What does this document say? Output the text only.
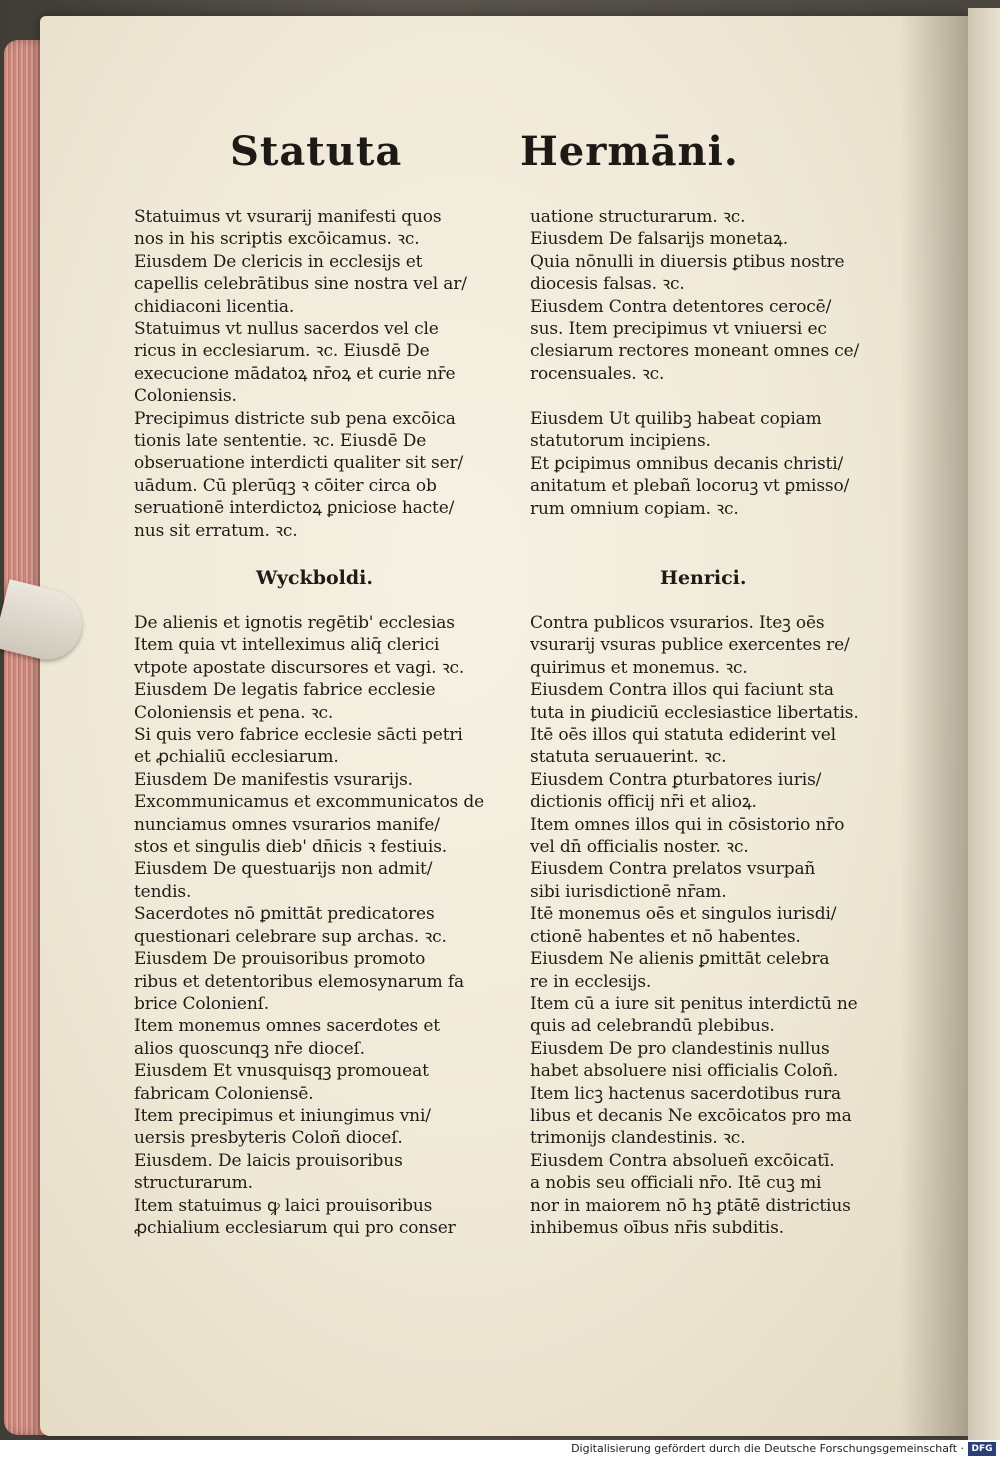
Statuta	Hermāni.
Statuimus vt vsurarij manifesti quos
nos in his scriptis excōicamus. ꝛc.
Eiusdem De clericis in ecclesijs et
capellis celebrātibus sine nostra vel ar/
chidiaconi licentia.
Statuimus vt nullus sacerdos vel cle
ricus in ecclesiarum. ꝛc. Eiusdē De
execucione mādatoꝝ nr̄oꝝ et curie nr̄e
Coloniensis.
Precipimus districte sub pena excōica
tionis late sententie. ꝛc. Eiusdē De
obseruatione interdicti qualiter sit ser/
uādum. Cū plerūqꝫ ꝛ cōiter circa ob
seruationē interdictoꝝ ꝑniciose hacte/
nus sit erratum. ꝛc.
Wyckboldi.
De alienis et ignotis regētib' ecclesias
Item quia vt intelleximus aliq̄ clerici
vtpote apostate discursores et vagi. ꝛc.
Eiusdem De legatis fabrice ecclesie
Coloniensis et pena. ꝛc.
Si quis vero fabrice ecclesie sācti petri
et ꝓchialiū ecclesiarum.
Eiusdem De manifestis vsurarijs.
Excommunicamus et excommunicatos de
nunciamus omnes vsurarios manife/
stos et singulis dieb' dn̄icis ꝛ festiuis.
Eiusdem De questuarijs non admit/
tendis.
Sacerdotes nō ꝑmittāt predicatores
questionari celebrare sup archas. ꝛc.
Eiusdem De prouisoribus promoto
ribus et detentoribus elemosynarum fa
brice Colonienſ.
Item monemus omnes sacerdotes et
alios quoscunqꝫ nr̄e dioceſ.
Eiusdem Et vnusquisqꝫ promoueat
fabricam Coloniensē.
Item precipimus et iniungimus vni/
uersis presbyteris Coloñ dioceſ.
Eiusdem. De laicis prouisoribus
structurarum.
Item statuimus ꝙ laici prouisoribus
ꝓchialium ecclesiarum qui pro conser
uatione structurarum. ꝛc.
Eiusdem De falsarijs monetaꝝ.
Quia nōnulli in diuersis ꝑtibus nostre
diocesis falsas. ꝛc.
Eiusdem Contra detentores cerocē/
sus. Item precipimus vt vniuersi ec
clesiarum rectores moneant omnes ce/
rocensuales. ꝛc.
Eiusdem Ut quilibꝫ habeat copiam
statutorum incipiens.
Et ꝑcipimus omnibus decanis christi/
anitatum et plebañ locoruꝫ vt ꝑmisso/
rum omnium copiam. ꝛc.
Henrici.
Contra publicos vsurarios. Iteꝫ oēs
vsurarij vsuras publice exercentes re/
quirimus et monemus. ꝛc.
Eiusdem Contra illos qui faciunt sta
tuta in ꝑiudiciū ecclesiastice libertatis.
Itē oēs illos qui statuta ediderint vel
statuta seruauerint. ꝛc.
Eiusdem Contra ꝑturbatores iuris/
dictionis officij nr̄i et alioꝝ.
Item omnes illos qui in cōsistorio nr̄o
vel dn̄ officialis noster. ꝛc.
Eiusdem Contra prelatos vsurpañ
sibi iurisdictionē nr̄am.
Itē monemus oēs et singulos iurisdi/
ctionē habentes et nō habentes.
Eiusdem Ne alienis ꝑmittāt celebra
re in ecclesijs.
Item cū a iure sit penitus interdictū ne
quis ad celebrandū plebibus.
Eiusdem De pro clandestinis nullus
habet absoluere nisi officialis Coloñ.
Item licꝫ hactenus sacerdotibus rura
libus et decanis Ne excōicatos pro ma
trimonijs clandestinis. ꝛc.
Eiusdem Contra absolueñ excōicatī.
a nobis seu officiali nr̄o. Itē cuꝫ mi
nor in maiorem nō hꝫ ꝑtātē districtius
inhibemus oībus nr̄is subditis.
Digitalisierung gefördert durch die Deutsche Forschungsgemeinschaft · DFG
